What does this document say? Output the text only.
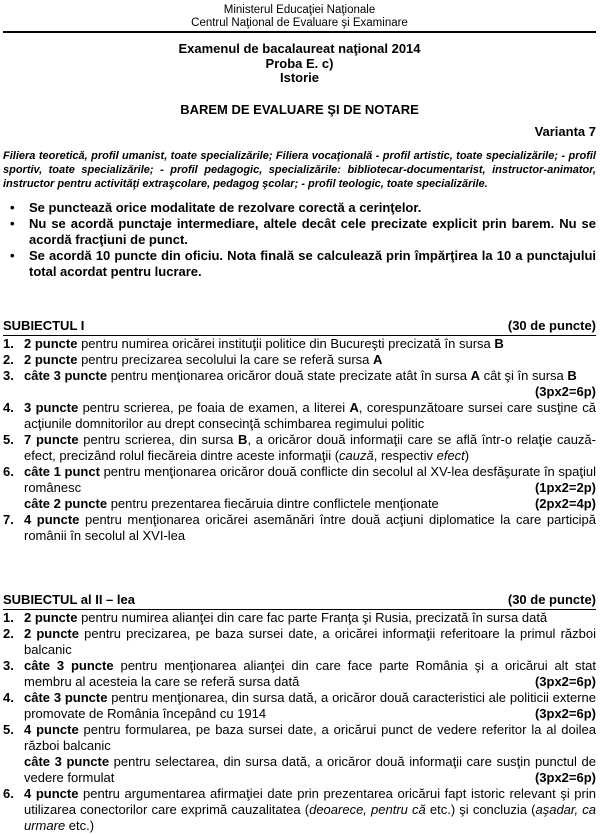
Ministerul Educaţiei Naţionale
Centrul Naţional de Evaluare şi Examinare
Examenul de bacalaureat naţional 2014
Proba E. c)
Istorie
BAREM DE EVALUARE ŞI DE NOTARE
Varianta 7
Filiera teoretică, profil umanist, toate specializările; Filiera vocaţională - profil artistic, toate specializările; - profil sportiv, toate specializările; - profil pedagogic, specializările: bibliotecar-documentarist, instructor-animator, instructor pentru activităţi extraşcolare, pedagog şcolar; - profil teologic, toate specializările.
•	Se punctează orice modalitate de rezolvare corectă a cerinţelor.
•	Nu se acordă punctaje intermediare, altele decât cele precizate explicit prin barem. Nu se acordă fracţiuni de punct.
•	Se acordă 10 puncte din oficiu. Nota finală se calculează prin împărţirea la 10 a punctajului total acordat pentru lucrare.
SUBIECTUL I	(30 de puncte)
1. 2 puncte pentru numirea oricărei instituţii politice din Bucureşti precizată în sursa B
2. 2 puncte pentru precizarea secolului la care se referă sursa A
3. câte 3 puncte pentru menţionarea oricăror două state precizate atât în sursa A cât şi în sursa B
(3px2=6p)
4. 3 puncte pentru scrierea, pe foaia de examen, a literei A, corespunzătoare sursei care susţine că acţiunile domnitorilor au drept consecinţă schimbarea regimului politic
5. 7 puncte pentru scrierea, din sursa B, a oricăror două informaţii care se află într-o relaţie cauză-efect, precizând rolul fiecăreia dintre aceste informaţii (cauză, respectiv efect)
6. câte 1 punct pentru menţionarea oricăror două conflicte din secolul al XV-lea desfăşurate în spaţiul românesc	(1px2=2p)

câte 2 puncte pentru prezentarea fiecăruia dintre conflictele menţionate	(2px2=4p)
7. 4 puncte pentru menţionarea oricărei asemănări între două acţiuni diplomatice la care participă românii în secolul al XVI-lea
SUBIECTUL al II – lea	(30 de puncte)
1. 2 puncte pentru numirea alianţei din care fac parte Franţa şi Rusia, precizată în sursa dată
2. 2 puncte pentru precizarea, pe baza sursei date, a oricărei informaţii referitoare la primul război balcanic
3. câte 3 puncte pentru menţionarea alianţei din care face parte România şi a oricărui alt stat membru al acesteia la care se referă sursa dată	(3px2=6p)
4. câte 3 puncte pentru menţionarea, din sursa dată, a oricăror două caracteristici ale politicii externe promovate de România începând cu 1914	(3px2=6p)
5. 4 puncte pentru formularea, pe baza sursei date, a oricărui punct de vedere referitor la al doilea război balcanic
câte 3 puncte pentru selectarea, din sursa dată, a oricăror două informaţii care susţin punctul de vedere formulat	(3px2=6p)
6. 4 puncte pentru argumentarea afirmaţiei date prin prezentarea oricărui fapt istoric relevant şi prin utilizarea conectorilor care exprimă cauzalitatea (deoarece, pentru că etc.) şi concluzia (aşadar, ca urmare etc.)
